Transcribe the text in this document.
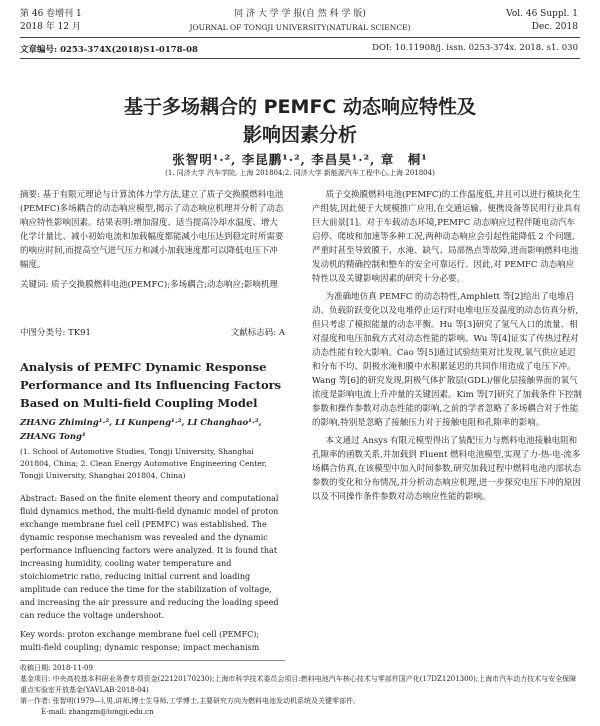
第 46 卷增刊 1
2018 年 12 月
同 济 大 学 学 报(自 然 科 学 版)
JOURNAL OF TONGJI UNIVERSITY(NATURAL SCIENCE)
Vol. 46 Suppl. 1
Dec. 2018
文章编号: 0253-374X(2018)S1-0178-08	DOI: 10.11908/j. issn. 0253-374x. 2018. s1. 030
基于多场耦合的 PEMFC 动态响应特性及
影响因素分析
张智明¹·², 李昆鹏¹·², 李昌昊¹·², 章　桐¹
(1. 同济大学 汽车学院, 上海 201804;2. 同济大学 新能源汽车工程中心,上海 201804)

摘要: 基于有限元理论与计算流体力学方法,建立了质子交换膜燃料电池(PEMFC)多场耦合的动态响应模型,揭示了动态响应机理并分析了动态响应特性影响因素。结果表明:增加湿度、适当提高冷却水温度、增大化学计量比、减小初始电流和加载幅度都能减小电压达到稳定时所需要的响应时间,而提高空气进气压力和减小加载速度都可以降低电压下冲幅度。

关键词: 质子交换膜燃料电池(PEMFC);多场耦合;动态响应;影响机理

中图分类号: TK91	文献标志码: A
Analysis of PEMFC Dynamic Response Performance and Its Influencing Factors Based on Multi-field Coupling Model
ZHANG Zhiming¹·², LI Kunpeng¹·², LI Changhao¹·², ZHANG Tong¹
(1. School of Automotive Studies, Tongji University, Shanghai 201804, China; 2. Clean Energy Automotive Engineering Center, Tongji University, Shanghai 201804, China)

Abstract: Based on the finite element theory and computational fluid dynamics method, the multi-field dynamic model of proton exchange membrane fuel cell (PEMFC) was established. The dynamic response mechanism was revealed and the dynamic performance influencing factors were analyzed. It is found that increasing humidity, cooling water temperature and stoichiometric ratio, reducing initial current and loading amplitude can reduce the time for the stabilization of voltage, and increasing the air pressure and reducing the loading speed can reduce the voltage undershoot.

Key words: proton exchange membrane fuel cell (PEMFC); multi-field coupling; dynamic response; impact mechanism

质子交换膜燃料电池(PEMFC)的工作温度低,并且可以进行模块化生产组装,因此便于大规模推广应用,在交通运输、便携设备等民用行业具有巨大前景[1]。对于车载动态环境,PEMFC 动态响应过程伴随电动汽车启停、爬坡和加速等多种工况,两种动态响应会引起性能降低 2 个问题,严重时甚至导致膜干、水淹、缺气、局部热点等故障,进而影响燃料电池发动机的精确控制和整车的安全可靠运行。因此,对 PEMFC 动态响应特性以及关键影响因素的研究十分必要。

为准确地仿真 PEMFC 的动态特性,Amphlett 等[2]给出了电堆启动、负载阶跃变化以及电堆停止运行时电堆电压及温度的动态仿真分析,但只考虑了模拟能量的动态平衡。Hu 等[3]研究了氢气入口的流量、相对湿度和电压加载方式对动态性能的影响。Wu 等[4]证实了传热过程对动态性能有较大影响。Cao 等[5]通过试验结果对比发现,氧气供应延迟和分布不均、阴极水淹和膜中水积累延迟的共同作用造成了电压下冲。Wang 等[6]的研究发现,阴极气体扩散层(GDL)/催化层接触界面的氧气浓度是影响电流上升冲量的关键因素。Kim 等[7]研究了加载条件下控制参数和操作参数对动态性能的影响,之前的学者忽略了多场耦合对于性能的影响,特别是忽略了接触压力对于接触电阻和孔隙率的影响。

本文通过 Ansys 有限元模型得出了装配压力与燃料电池接触电阻和孔隙率的函数关系,并加载到 Fluent 燃料电池模型,实现了力-热-电-流多场耦合仿真,在该模型中加入时间参数,研究加载过程中燃料电池内部状态参数的变化和分布情况,并分析动态响应机理,进一步探究电压下冲的原因以及不同操作条件参数对动态响应性能的影响。

收稿日期: 2018-11-09
基金项目: 中央高校基本科研业务费专项资金(22120170230);上海市科学技术委员会项目:燃料电池汽车核心技术与零部件国产化(17DZ1201300);上海市汽车动力技术与安全保障重点实验室开放基金(YAVLAB-2018-04)
第一作者: 张智明(1979—),男,讲师,博士生导师,工学博士,主要研究方向为燃料电池发动机系统及关键零部件。
E-mail: zhangzm@tongji.edu.cn
